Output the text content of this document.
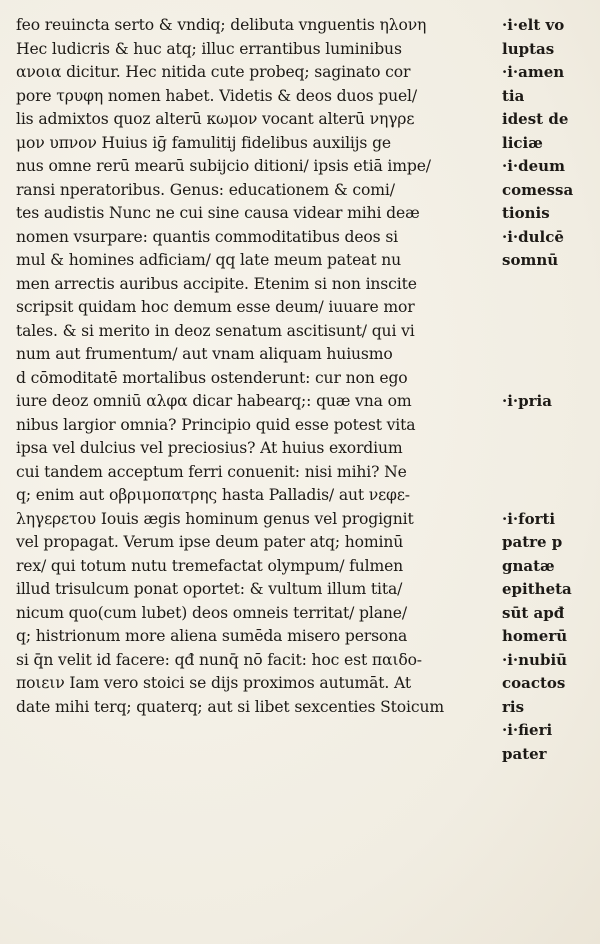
feo reuincta serto & vndiq; delibuta vnguentis ηλονη
Hec ludicris & huc atq; illuc errantibus luminibus
ανοια dicitur. Hec nitida cute probeq; saginato cor
pore τρυφη nomen habet. Videtis & deos duos puel/
lis admixtos quoz alterū κωμον vocant alterū νηγρε
μον υπνον Huius iḡ famulitij fidelibus auxilijs ge
nus omne rerū mearū subijcio ditioni/ ipsis etiā impe/
ransi nperatoribus. Genus: educationem & comi/
tes audistis Nunc ne cui sine causa videar mihi deæ
nomen vsurpare: quantis commoditatibus deos si
mul & homines adficiam/ qq late meum pateat nu
men arrectis auribus accipite. Etenim si non inscite
scripsit quidam hoc demum esse deum/ iuuare mor
tales. & si merito in deoz senatum ascitisunt/ qui vi
num aut frumentum/ aut vnam aliquam huiusmo
d cōmoditatē mortalibus ostenderunt: cur non ego
iure deoz omniū αλφα dicar habearq;: quæ vna om
nibus largior omnia? Principio quid esse potest vita
ipsa vel dulcius vel preciosius? At huius exordium
cui tandem acceptum ferri conuenit: nisi mihi? Ne
q; enim aut οβριμοπατρης hasta Palladis/ aut νεφε-
ληγερετου Iouis ægis hominum genus vel progignit
vel propagat. Verum ipse deum pater atq; hominū
rex/ qui totum nutu tremefactat olympum/ fulmen
illud trisulcum ponat oportet: & vultum illum tita/
nicum quo(cum lubet) deos omneis territat/ plane/
q; histrionum more aliena sumēda misero persona
si q̄n velit id facere: qđ nunq̄ nō facit: hoc est παιδο-
ποιειν Iam vero stoici se dijs proximos autumāt. At
date mihi terq; quaterq; aut si libet sexcenties Stoicum
·i·elt vo
luptas
·i·amen
tia
idest de
liciæ
·i·deum
comessa
tionis
·i·dulcē
somnū
·i·pria
·i·forti
patre p
gnatæ
epitheta
sūt apđ
homerū
·i·nubiū
coactos
ris
·i·fieri
pater
